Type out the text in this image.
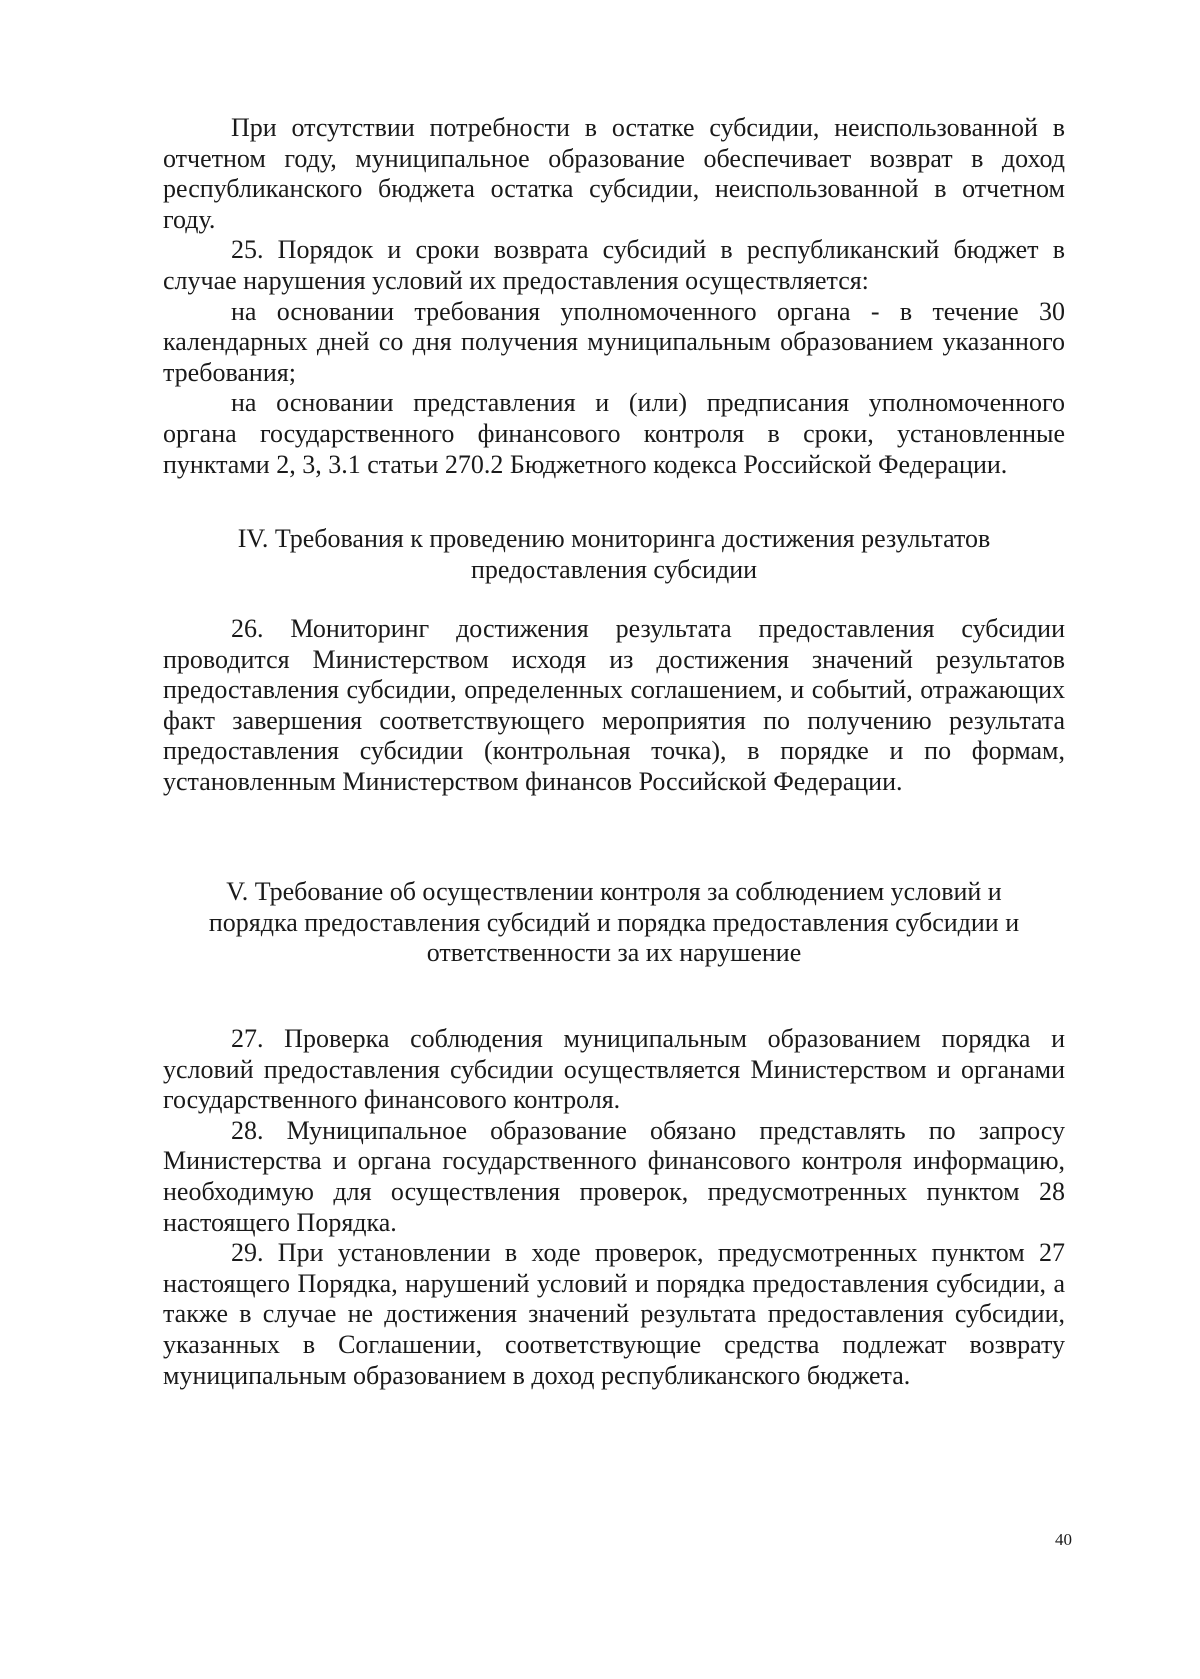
При отсутствии потребности в остатке субсидии, неиспользованной в отчетном году, муниципальное образование обеспечивает возврат в доход республиканского бюджета остатка субсидии, неиспользованной в отчетном году.

25. Порядок и сроки возврата субсидий в республиканский бюджет в случае нарушения условий их предоставления осуществляется:

на основании требования уполномоченного органа - в течение 30 календарных дней со дня получения муниципальным образованием указанного требования;

на основании представления и (или) предписания уполномоченного органа государственного финансового контроля в сроки, установленные пунктами 2, 3, 3.1 статьи 270.2 Бюджетного кодекса Российской Федерации.

IV. Требования к проведению мониторинга достижения результатов
предоставления субсидии

26. Мониторинг достижения результата предоставления субсидии проводится Министерством исходя из достижения значений результатов предоставления субсидии, определенных соглашением, и событий, отражающих факт завершения соответствующего мероприятия по получению результата предоставления субсидии (контрольная точка), в порядке и по формам, установленным Министерством финансов Российской Федерации.

V. Требование об осуществлении контроля за соблюдением условий и
порядка предоставления субсидий и порядка предоставления субсидии и
ответственности за их нарушение

27. Проверка соблюдения муниципальным образованием порядка и условий предоставления субсидии осуществляется Министерством и органами государственного финансового контроля.

28. Муниципальное образование обязано представлять по запросу Министерства и органа государственного финансового контроля информацию, необходимую для осуществления проверок, предусмотренных пунктом 28 настоящего Порядка.

29. При установлении в ходе проверок, предусмотренных пунктом 27 настоящего Порядка, нарушений условий и порядка предоставления субсидии, а также в случае не достижения значений результата предоставления субсидии, указанных в Соглашении, соответствующие средства подлежат возврату муниципальным образованием в доход республиканского бюджета.

40
